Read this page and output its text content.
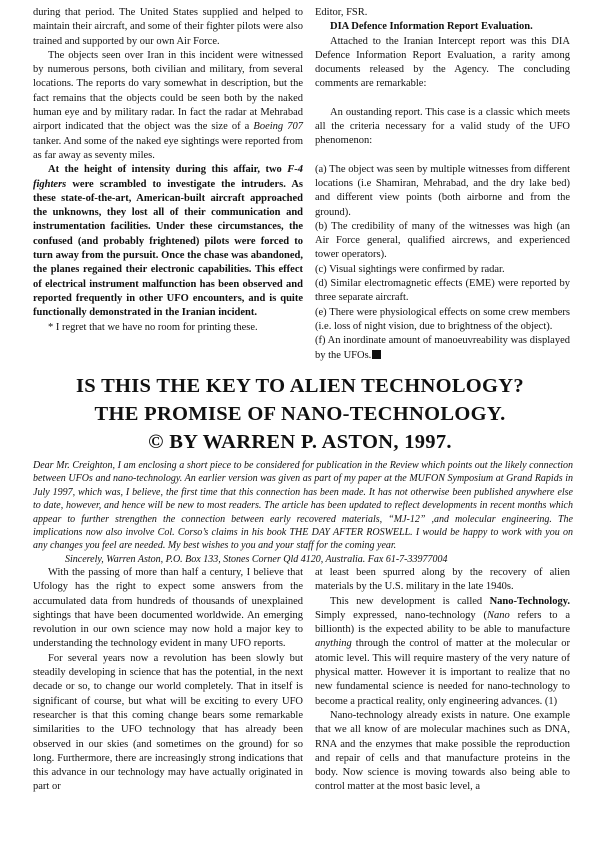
during that period. The United States supplied and helped to maintain their aircraft, and some of their fighter pilots were also trained and supported by our own Air Force.

The objects seen over Iran in this incident were witnessed by numerous persons, both civilian and military, from several locations. The reports do vary somewhat in description, but the fact remains that the objects could be seen both by the naked human eye and by military radar. In fact the radar at Mehrabad airport indicated that the object was the size of a Boeing 707 tanker. And some of the naked eye sightings were reported from as far away as seventy miles.

At the height of intensity during this affair, two F-4 fighters were scrambled to investigate the intruders. As these state-of-the-art, American-built aircraft approached the unknowns, they lost all of their communication and instrumentation facilities. Under these circumstances, the confused (and probably frightened) pilots were forced to turn away from the pursuit. Once the chase was abandoned, the planes regained their electronic capabilities. This effect of electrical instrument malfunction has been observed and reported frequently in other UFO encounters, and is quite functionally demonstrated in the Iranian incident.

* I regret that we have no room for printing these.

Editor, FSR.

DIA Defence Information Report Evaluation.

Attached to the Iranian Intercept report was this DIA Defence Information Report Evaluation, a rarity among documents released by the Agency. The concluding comments are remarkable:

An oustanding report. This case is a classic which meets all the criteria necessary for a valid study of the UFO phenomenon:

(a) The object was seen by multiple witnesses from different locations (i.e Shamiran, Mehrabad, and the dry lake bed) and different view points (both airborne and from the ground).

(b) The credibility of many of the witnesses was high (an Air Force general, qualified aircrews, and experienced tower operators).

(c) Visual sightings were confirmed by radar.

(d) Similar electromagnetic effects (EME) were reported by three separate aircraft.

(e) There were physiological effects on some crew members (i.e. loss of night vision, due to brightness of the object).

(f) An inordinate amount of manoeuvreability was displayed by the UFOs.

IS THIS THE KEY TO ALIEN TECHNOLOGY?
THE PROMISE OF NANO-TECHNOLOGY.
© BY WARREN P. ASTON, 1997.

Dear Mr. Creighton, I am enclosing a short piece to be considered for publication in the Review which points out the likely connection between UFOs and nano-technology. An earlier version was given as part of my paper at the MUFON Symposium at Grand Rapids in July 1997, which was, I believe, the first time that this connection has been made. It has not otherwise been published anywhere else to date, however, and hence will be new to most readers. The article has been updated to reflect developments in recent months which appear to further strengthen the connection between early recovered materials, “MJ-12” ,and molecular engineering. The implications now also involve Col. Corso’s claims in his book THE DAY AFTER ROSWELL. I would be happy to work with you on any changes you feel are needed. My best wishes to you and your staff for the coming year.

Sincerely, Warren Aston, P.O. Box 133, Stones Corner Qld 4120, Australia. Fax 61-7-33977004

With the passing of more than half a century, I believe that Ufology has the right to expect some answers from the accumulated data from hundreds of thousands of unexplained sightings that have been documented worldwide. An emerging revolution in our own science may now hold a major key to understanding the technology evident in many UFO reports.

For several years now a revolution has been slowly but steadily developing in science that has the potential, in the next decade or so, to change our world completely. That in itself is significant of course, but what will be exciting to every UFO researcher is that this coming change bears some remarkable similarities to the UFO technology that has already been observed in our skies (and sometimes on the ground) for so long. Furthermore, there are increasingly strong indications that this advance in our technology may have actually originated in part or

at least been spurred along by the recovery of alien materials by the U.S. military in the late 1940s.

This new development is called Nano-Technology. Simply expressed, nano-technology (Nano refers to a billionth) is the expected ability to be able to manufacture anything through the control of matter at the molecular or atomic level. This will require mastery of the very nature of physical matter. However it is important to realize that no new fundamental science is needed for nano-technology to become a practical reality, only engineering advances. (1)

Nano-technology already exists in nature. One example that we all know of are molecular machines such as DNA, RNA and the enzymes that make possible the reproduction and repair of cells and that manufacture proteins in the body. Now science is moving towards also being able to control matter at the most basic level, a
